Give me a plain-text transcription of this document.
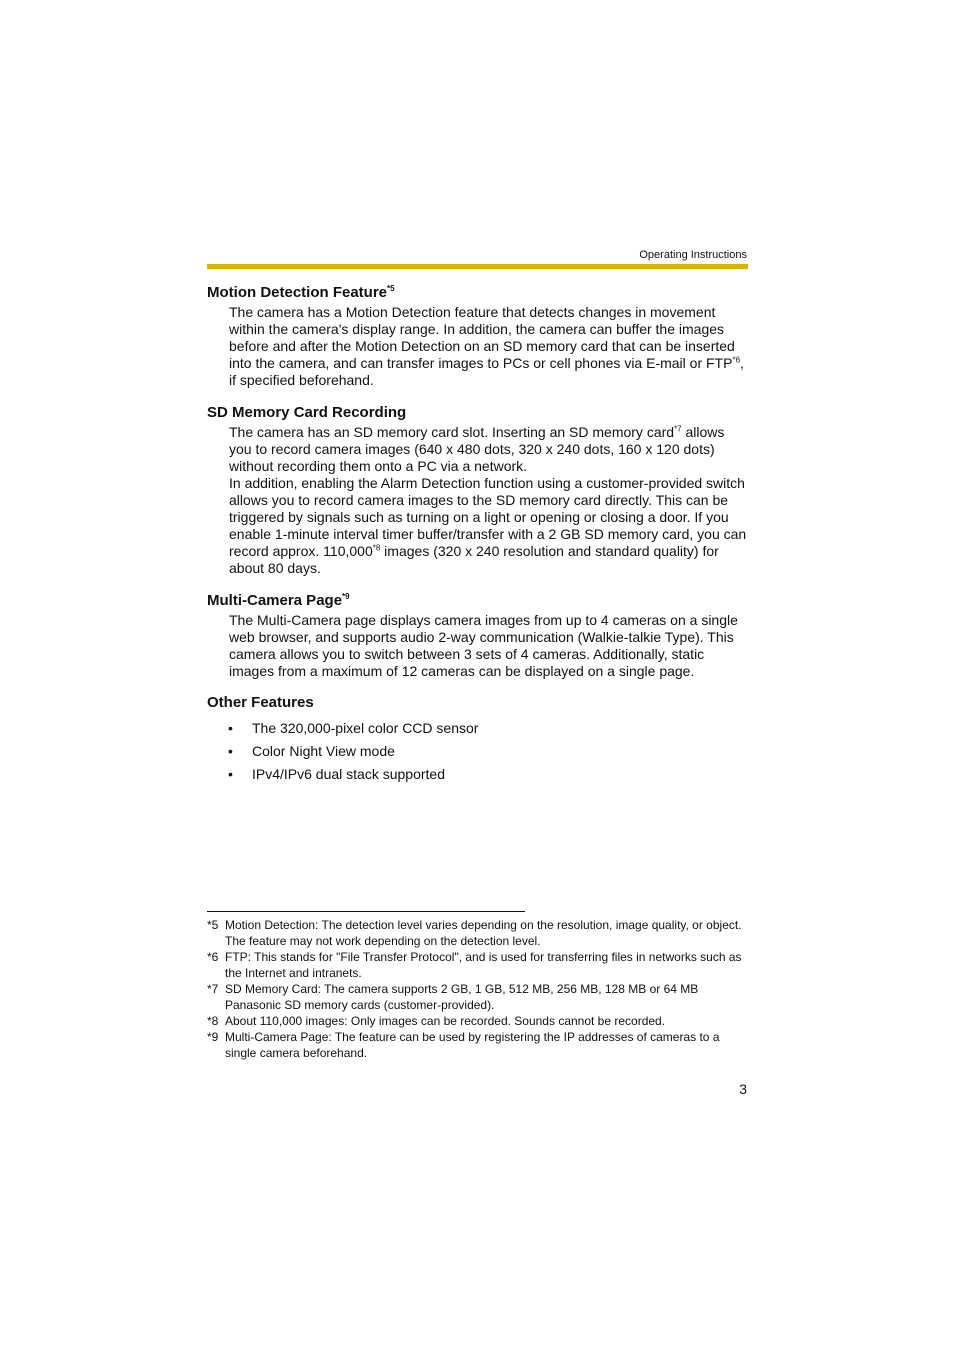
Operating Instructions
Motion Detection Feature$^{*5}$

The camera has a Motion Detection feature that detects changes in movement within the camera's display range. In addition, the camera can buffer the images before and after the Motion Detection on an SD memory card that can be inserted into the camera, and can transfer images to PCs or cell phones via E-mail or FTP$^{*6}$, if specified beforehand.

SD Memory Card Recording

The camera has an SD memory card slot. Inserting an SD memory card$^{*7}$ allows you to record camera images (640 x 480 dots, 320 x 240 dots, 160 x 120 dots) without recording them onto a PC via a network.

In addition, enabling the Alarm Detection function using a customer-provided switch allows you to record camera images to the SD memory card directly. This can be triggered by signals such as turning on a light or opening or closing a door. If you enable 1-minute interval timer buffer/transfer with a 2 GB SD memory card, you can record approx. 110,000$^{*8}$ images (320 x 240 resolution and standard quality) for about 80 days.

Multi-Camera Page$^{*9}$

The Multi-Camera page displays camera images from up to 4 cameras on a single web browser, and supports audio 2-way communication (Walkie-talkie Type). This camera allows you to switch between 3 sets of 4 cameras. Additionally, static images from a maximum of 12 cameras can be displayed on a single page.

Other Features
• The 320,000-pixel color CCD sensor
• Color Night View mode
• IPv4/IPv6 dual stack supported
*5 Motion Detection: The detection level varies depending on the resolution, image quality, or object. The feature may not work depending on the detection level.
*6 FTP: This stands for "File Transfer Protocol", and is used for transferring files in networks such as the Internet and intranets.
*7 SD Memory Card: The camera supports 2 GB, 1 GB, 512 MB, 256 MB, 128 MB or 64 MB Panasonic SD memory cards (customer-provided).
*8 About 110,000 images: Only images can be recorded. Sounds cannot be recorded.
*9 Multi-Camera Page: The feature can be used by registering the IP addresses of cameras to a single camera beforehand.
3
